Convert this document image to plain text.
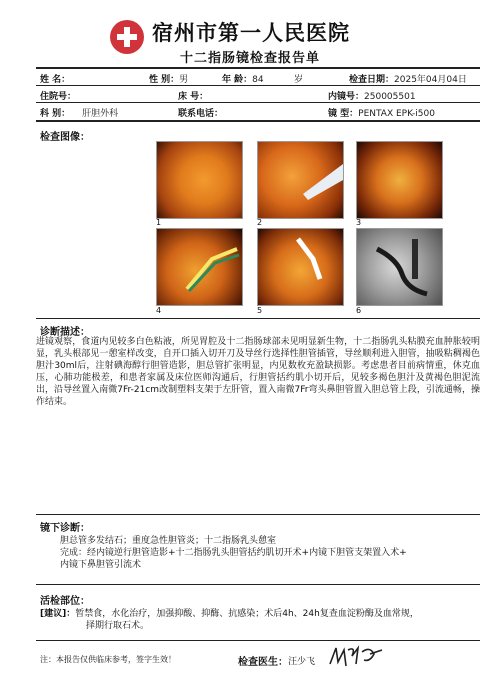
宿州市第一人民医院
十二指肠镜检查报告单
姓 名：	性 别：男	年 龄：84	岁	检查日期：2025年04月04日
住院号：	床 号：	内镜号：250005501
科 别： 肝胆外科	联系电话：	镜 型：PENTAX EPK-i500
检查图像：
1	2	3
4	5	6
诊断描述：
进镜观察，食道内见较多白色粘液，所见胃腔及十二指肠球部未见明显新生物，十二指肠乳头粘膜充血肿胀较明显，乳头根部见一憩室样改变，自开口插入切开刀及导丝行选择性胆管插管，导丝顺利进入胆管，抽吸粘稠褐色胆汁30ml后，注射碘海醇行胆管造影，胆总管扩张明显，内见数枚充盈缺损影。考虑患者目前病情重，休克血压，心肺功能极差，和患者家属及床位医师沟通后，行胆管括约肌小切开后，见较多褐色胆汁及黄褐色胆泥流出，沿导丝置入南微7Fr-21cm改制塑料支架于左肝管，置入南微7Fr弯头鼻胆管置入胆总管上段，引流通畅，操作结束。
镜下诊断：
胆总管多发结石；重度急性胆管炎；十二指肠乳头憩室
完成：经内镜逆行胆管造影+十二指肠乳头胆管括约肌切开术+内镜下胆管支架置入术+
内镜下鼻胆管引流术
活检部位：
[建议]：暂禁食，水化治疗，加强抑酸、抑酶、抗感染；术后4h、24h复查血淀粉酶及血常规，
择期行取石术。
注：本报告仅供临床参考，签字生效！	检查医生： 汪少飞
